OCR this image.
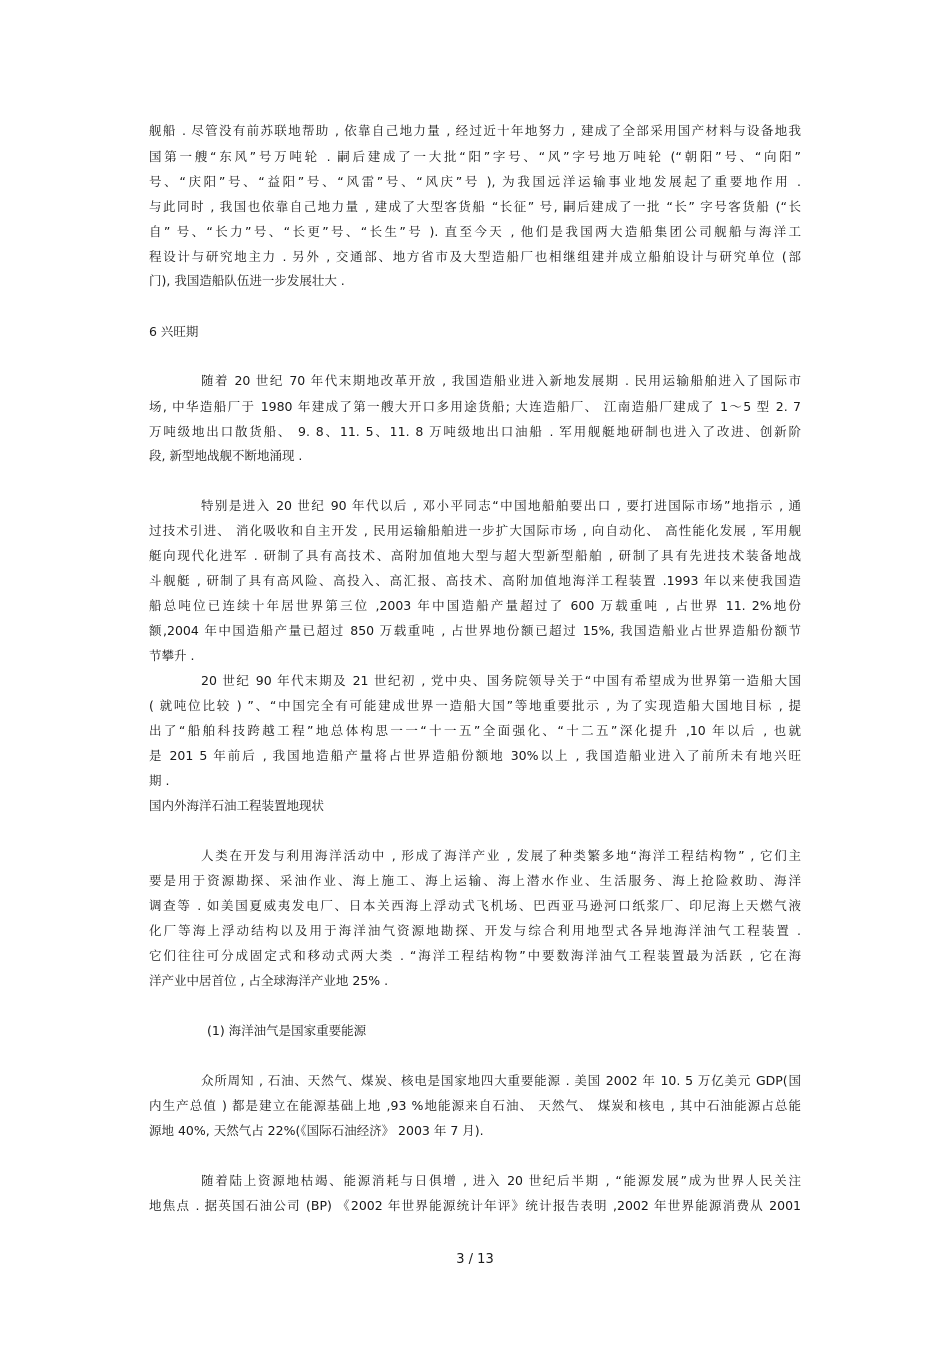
舰船 . 尽管没有前苏联地帮助 , 依靠自己地力量 , 经过近十年地努力 , 建成了全部采用国产材料与设备地我
国第一艘“东风”号万吨轮 . 嗣后建成了一大批“阳”字号、“风”字号地万吨轮 (“朝阳”号、“向阳”
号、“庆阳”号、“益阳”号、“风雷”号、“风庆”号 ), 为我国远洋运输事业地发展起了重要地作用 .
与此同时 , 我国也依靠自己地力量 , 建成了大型客货船 “长征” 号, 嗣后建成了一批 “长” 字号客货船 (“长
自” 号、“长力”号、“长更”号、“长生”号 ). 直至今天 , 他们是我国两大造船集团公司舰船与海洋工
程设计与研究地主力 . 另外 , 交通部、地方省市及大型造船厂也相继组建并成立船舶设计与研究单位 (部
门), 我国造船队伍进一步发展壮大 .
6 兴旺期
随着 20 世纪 70 年代末期地改革开放 , 我国造船业进入新地发展期 . 民用运输船舶进入了国际市
场, 中华造船厂于 1980 年建成了第一艘大开口多用途货船; 大连造船厂、 江南造船厂建成了 1～5 型 2. 7
万吨级地出口散货船、 9. 8、11. 5、11. 8 万吨级地出口油船 . 军用舰艇地研制也进入了改进、创新阶
段, 新型地战舰不断地涌现 .
特别是进入 20 世纪 90 年代以后 , 邓小平同志“中国地船舶要出口 , 要打进国际市场”地指示 , 通
过技术引进、 消化吸收和自主开发 , 民用运输船舶进一步扩大国际市场 , 向自动化、 高性能化发展 , 军用舰
艇向现代化进军 . 研制了具有高技术、高附加值地大型与超大型新型船舶 , 研制了具有先进技术装备地战
斗舰艇 , 研制了具有高风险、高投入、高汇报、高技术、高附加值地海洋工程装置 .1993 年以来使我国造
船总吨位已连续十年居世界第三位 ,2003 年中国造船产量超过了 600 万载重吨 , 占世界 11. 2%地份
额,2004 年中国造船产量已超过 850 万载重吨 , 占世界地份额已超过 15%, 我国造船业占世界造船份额节
节攀升 .
20 世纪 90 年代末期及 21 世纪初 , 党中央、国务院领导关于“中国有希望成为世界第一造船大国
( 就吨位比较 ) ”、“中国完全有可能建成世界一造船大国”等地重要批示 , 为了实现造船大国地目标 , 提
出了“船舶科技跨越工程”地总体构思一一“十一五”全面强化、“十二五”深化提升 ,10 年以后 , 也就
是 201 5 年前后 , 我国地造船产量将占世界造船份额地 30%以上 , 我国造船业进入了前所未有地兴旺
期 .
国内外海洋石油工程装置地现状
人类在开发与利用海洋活动中 , 形成了海洋产业 , 发展了种类繁多地“海洋工程结构物” , 它们主
要是用于资源勘探、采油作业、海上施工、海上运输、海上潜水作业、生活服务、海上抢险救助、海洋
调查等 . 如美国夏威夷发电厂、日本关西海上浮动式飞机场、巴西亚马逊河口纸浆厂、印尼海上天燃气液
化厂等海上浮动结构以及用于海洋油气资源地勘探、开发与综合利用地型式各异地海洋油气工程装置 .
它们往往可分成固定式和移动式两大类 . “海洋工程结构物”中要数海洋油气工程装置最为活跃 , 它在海
洋产业中居首位 , 占全球海洋产业地 25% .
(1) 海洋油气是国家重要能源
众所周知 , 石油、天然气、煤炭、核电是国家地四大重要能源 . 美国 2002 年 10. 5 万亿美元 GDP(国
内生产总值 ) 都是建立在能源基础上地 ,93 %地能源来自石油、 天然气、 煤炭和核电 , 其中石油能源占总能
源地 40%, 天然气占 22%(《国际石油经济》 2003 年 7 月).
随着陆上资源地枯竭、能源消耗与日俱增 , 进入 20 世纪后半期 , “能源发展”成为世界人民关注
地焦点 . 据英国石油公司 (BP) 《2002 年世界能源统计年评》统计报告表明 ,2002 年世界能源消费从 2001
3 / 13
